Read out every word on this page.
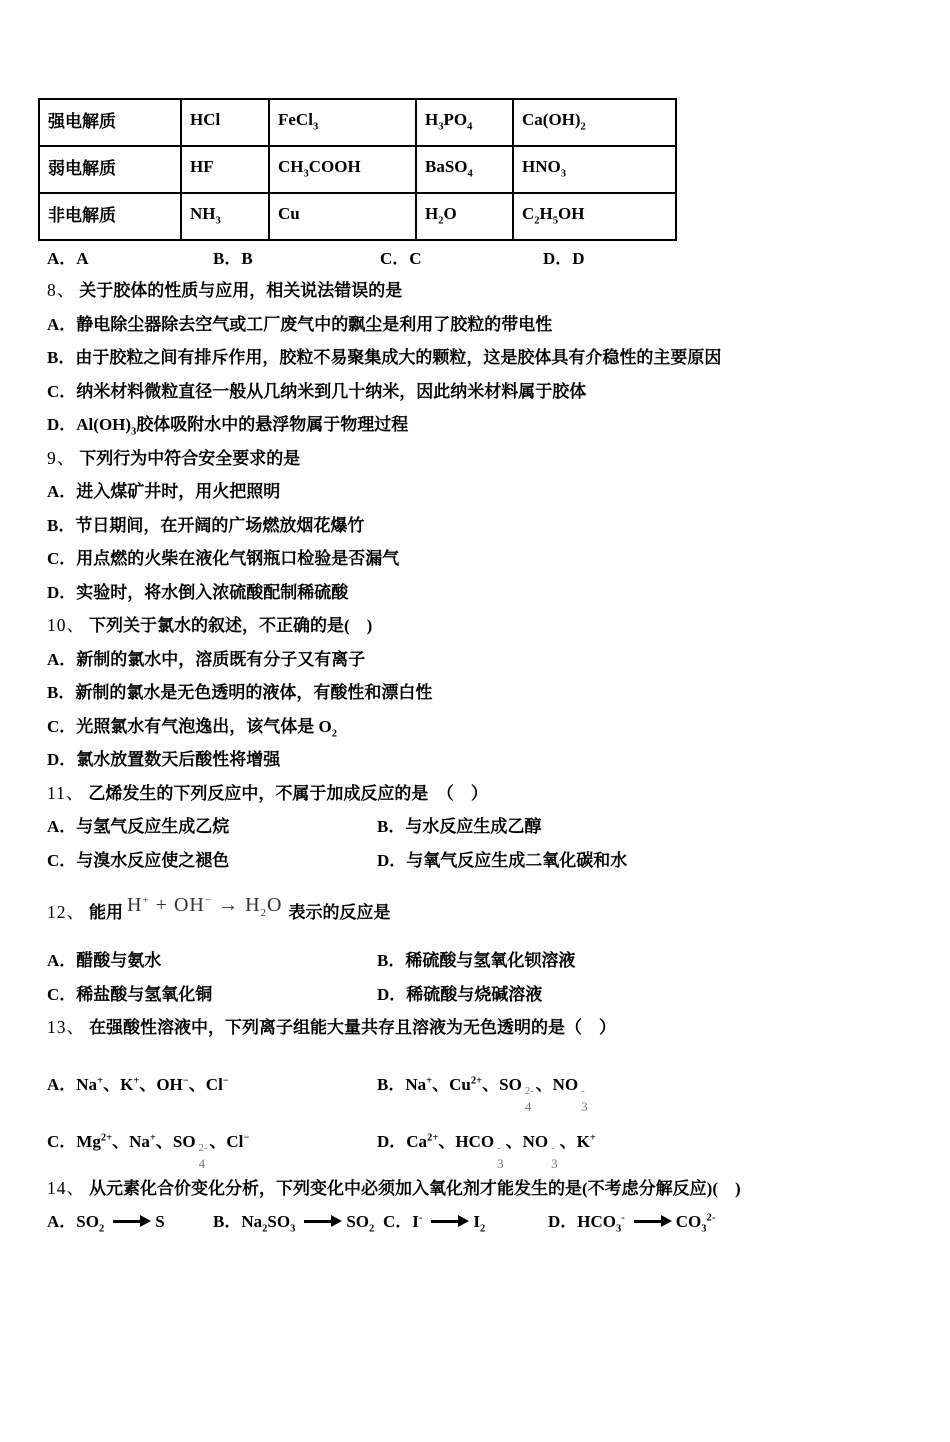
强电解质	HCl	FeCl$_3$	$H_3PO_4$	$Ca(OH)_2$
弱电解质	HF	$CH_3COOH$	BaSO$_4$	$HNO_3$
非电解质	$NH_3$	Cu	$H_2O$	$C_2H_5OH$
A．A	B．B	C．C	D．D
8、 关于胶体的性质与应用，相关说法错误的是
A．静电除尘器除去空气或工厂废气中的飘尘是利用了胶粒的带电性
B．由于胶粒之间有排斥作用，胶粒不易聚集成大的颗粒，这是胶体具有介稳性的主要原因
C．纳米材料微粒直径一般从几纳米到几十纳米，因此纳米材料属于胶体
D．$Al(OH)_3$胶体吸附水中的悬浮物属于物理过程
9、 下列行为中符合安全要求的是
A．进入煤矿井时，用火把照明
B．节日期间，在开阔的广场燃放烟花爆竹
C．用点燃的火柴在液化气钢瓶口检验是否漏气
D．实验时，将水倒入浓硫酸配制稀硫酸
10、 下列关于氯水的叙述，不正确的是(　)
A．新制的氯水中，溶质既有分子又有离子
B．新制的氯水是无色透明的液体，有酸性和漂白性
C．光照氯水有气泡逸出，该气体是 $O_2$
D．氯水放置数天后酸性将增强
11、 乙烯发生的下列反应中，不属于加成反应的是　（　）
A．与氢气反应生成乙烷	B．与水反应生成乙醇
C．与溴水反应使之褪色	D．与氧气反应生成二氧化碳和水
12、 能用 $H^+ + OH^- \to H_2O$ 表示的反应是
A．醋酸与氨水	B．稀硫酸与氢氧化钡溶液
C．稀盐酸与氢氧化铜	D．稀硫酸与烧碱溶液
13、 在强酸性溶液中，下列离子组能大量共存且溶液为无色透明的是（　）
A．Na+、K+、OH−、Cl−	B．Na+、$Cu^{2+}$、SO 2-
4
、NO -
3
C．$Mg^{2+}$、Na+、SO 2-
4
、Cl−	D．$Ca^{2+}$、HCO -
3
、NO -
3
、K+
14、 从元素化合价变化分析，下列变化中必须加入氧化剂才能发生的是(不考虑分解反应)(　)
A．$SO_2 \to S$	B．$Na_2SO_3 \to SO_2$ C．$I^- \to I_2$	D．$HCO_3^- \to CO_3^{2-}$
